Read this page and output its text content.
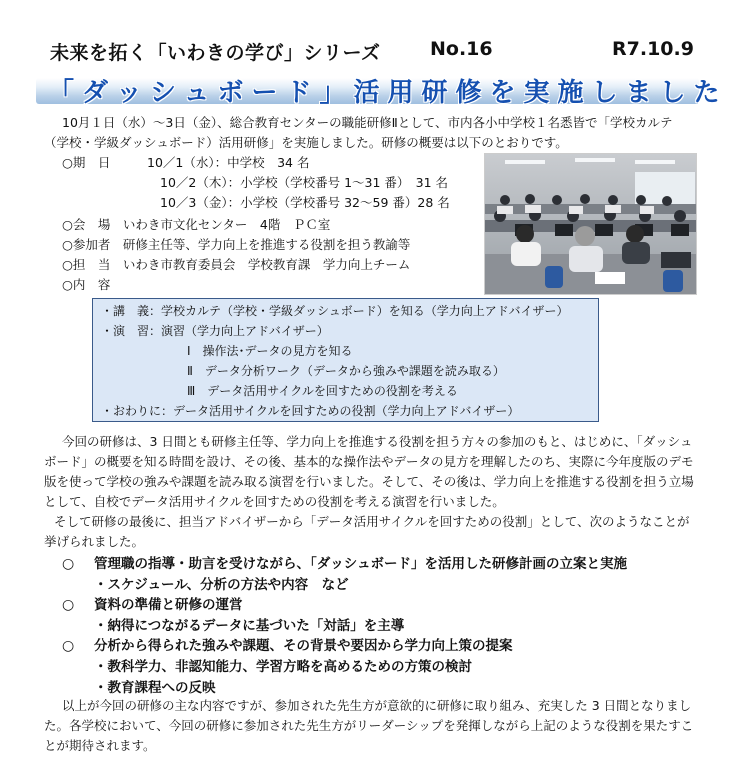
未来を拓く「いわきの学び」シリーズ	No.16	R7.10.9
「ダッシュボード」活用研修を実施しました
10月１日（水）～3日（金）、総合教育センターの職能研修Ⅱとして、市内各小中学校１名悉皆で「学校カルテ（学校・学級ダッシュボード）活用研修」を実施しました。研修の概要は以下のとおりです。
○期　日	10／1（水）：中学校　34 名
10／2（木）：小学校（学校番号 1～31 番）　31 名
10／3（金）：小学校（学校番号 32～59 番）28 名
○会　場　いわき市文化センター　4階　ＰＣ室
○参加者　研修主任等、学力向上を推進する役割を担う教諭等
○担　当　いわき市教育委員会　学校教育課　学力向上チーム
○内　容
・講　義：学校カルテ（学校・学級ダッシュボード）を知る（学力向上アドバイザー）
・演　習：演習（学力向上アドバイザー）
Ⅰ　操作法･データの見方を知る
Ⅱ　データ分析ワーク（データから強みや課題を読み取る）
Ⅲ　データ活用サイクルを回すための役割を考える
・おわりに：データ活用サイクルを回すための役割（学力向上アドバイザー）
今回の研修は、3 日間とも研修主任等、学力向上を推進する役割を担う方々の参加のもと、はじめに、「ダッシュボード」の概要を知る時間を設け、その後、基本的な操作法やデータの見方を理解したのち、実際に今年度版のデモ版を使って学校の強みや課題を読み取る演習を行いました。そして、その後は、学力向上を推進する役割を担う立場として、自校でデータ活用サイクルを回すための役割を考える演習を行いました。
そして研修の最後に、担当アドバイザーから「データ活用サイクルを回すための役割」として、次のようなことが挙げられました。
○	管理職の指導・助言を受けながら、「ダッシュボード」を活用した研修計画の立案と実施
・スケジュール、分析の方法や内容　など
○	資料の準備と研修の運営
・納得につながるデータに基づいた「対話」を主導
○	分析から得られた強みや課題、その背景や要因から学力向上策の提案
・教科学力、非認知能力、学習方略を高めるための方策の検討
・教育課程への反映
以上が今回の研修の主な内容ですが、参加された先生方が意欲的に研修に取り組み、充実した 3 日間となりました。各学校において、今回の研修に参加された先生方がリーダーシップを発揮しながら上記のような役割を果たすことが期待されます。
